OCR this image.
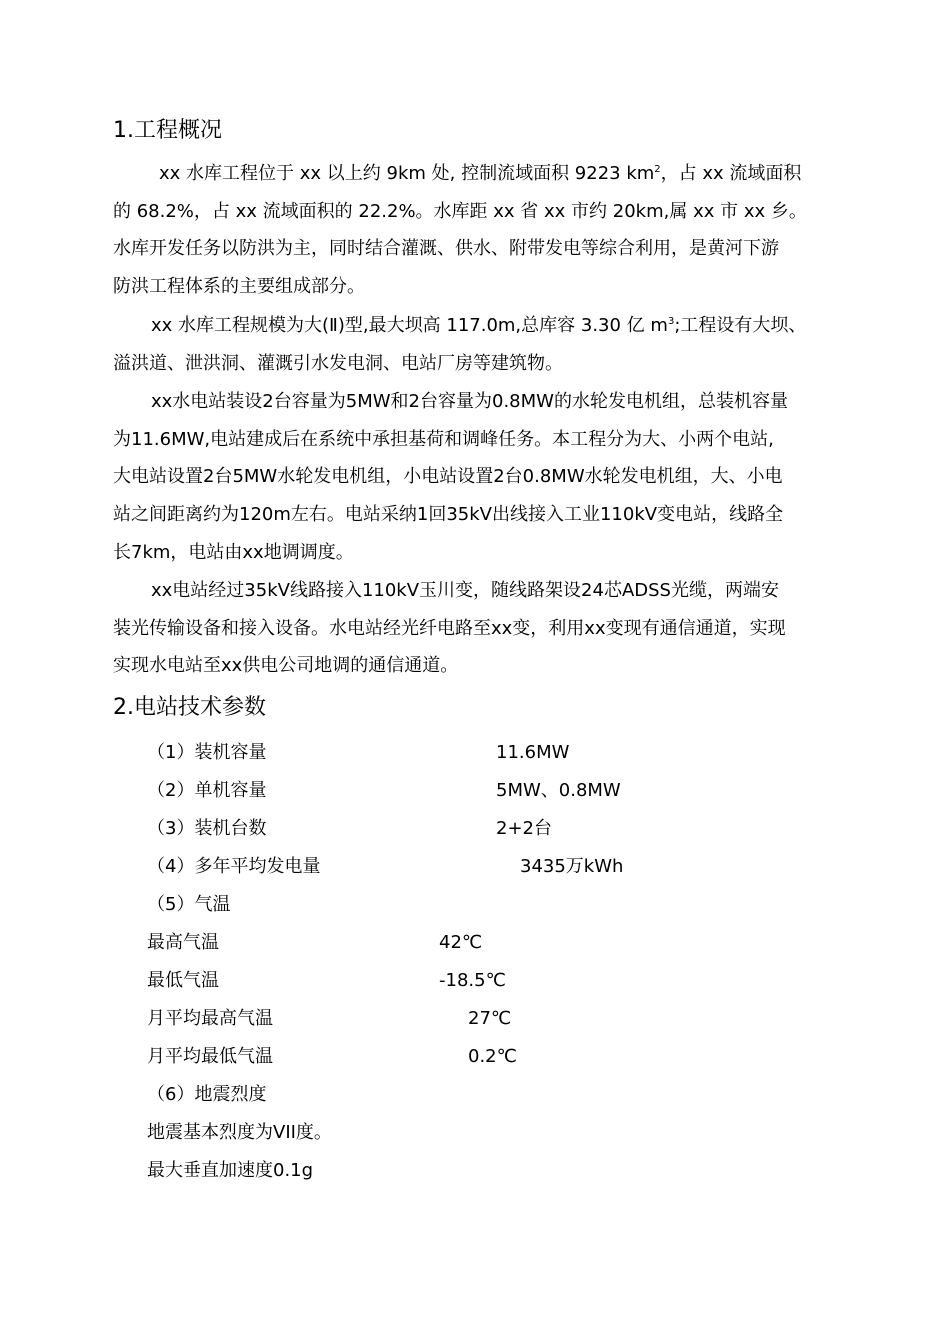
1.工程概况
xx 水库工程位于 xx 以上约 9km 处, 控制流域面积 9223 $km^2$，占 xx 流域面积
的 68.2%，占 xx 流域面积的 22.2%。水库距 xx 省 xx 市约 20km,属 xx 市 xx 乡。
水库开发任务以防洪为主，同时结合灌溉、供水、附带发电等综合利用，是黄河下游
防洪工程体系的主要组成部分。
xx 水库工程规模为大(Ⅱ)型,最大坝高 117.0m,总库容 3.30 亿 $m^3$;工程设有大坝、
溢洪道、泄洪洞、灌溉引水发电洞、电站厂房等建筑物。
xx水电站装设2台容量为5MW和2台容量为0.8MW的水轮发电机组，总装机容量
为11.6MW,电站建成后在系统中承担基荷和调峰任务。本工程分为大、小两个电站,
大电站设置2台5MW水轮发电机组，小电站设置2台0.8MW水轮发电机组，大、小电
站之间距离约为120m左右。电站采纳1回35kV出线接入工业110kV变电站，线路全
长7km，电站由xx地调调度。
xx电站经过35kV线路接入110kV玉川变，随线路架设24芯ADSS光缆，两端安
装光传输设备和接入设备。水电站经光纤电路至xx变，利用xx变现有通信通道，实现
实现水电站至xx供电公司地调的通信通道。
2.电站技术参数
（1）装机容量	11.6MW
（2）单机容量	5MW、0.8MW
（3）装机台数	2+2台
（4）多年平均发电量	3435万kWh
（5）气温
最高气温	42℃
最低气温	-18.5℃
月平均最高气温	27℃
月平均最低气温	0.2℃
（6）地震烈度
地震基本烈度为VII度。
最大垂直加速度0.1g
